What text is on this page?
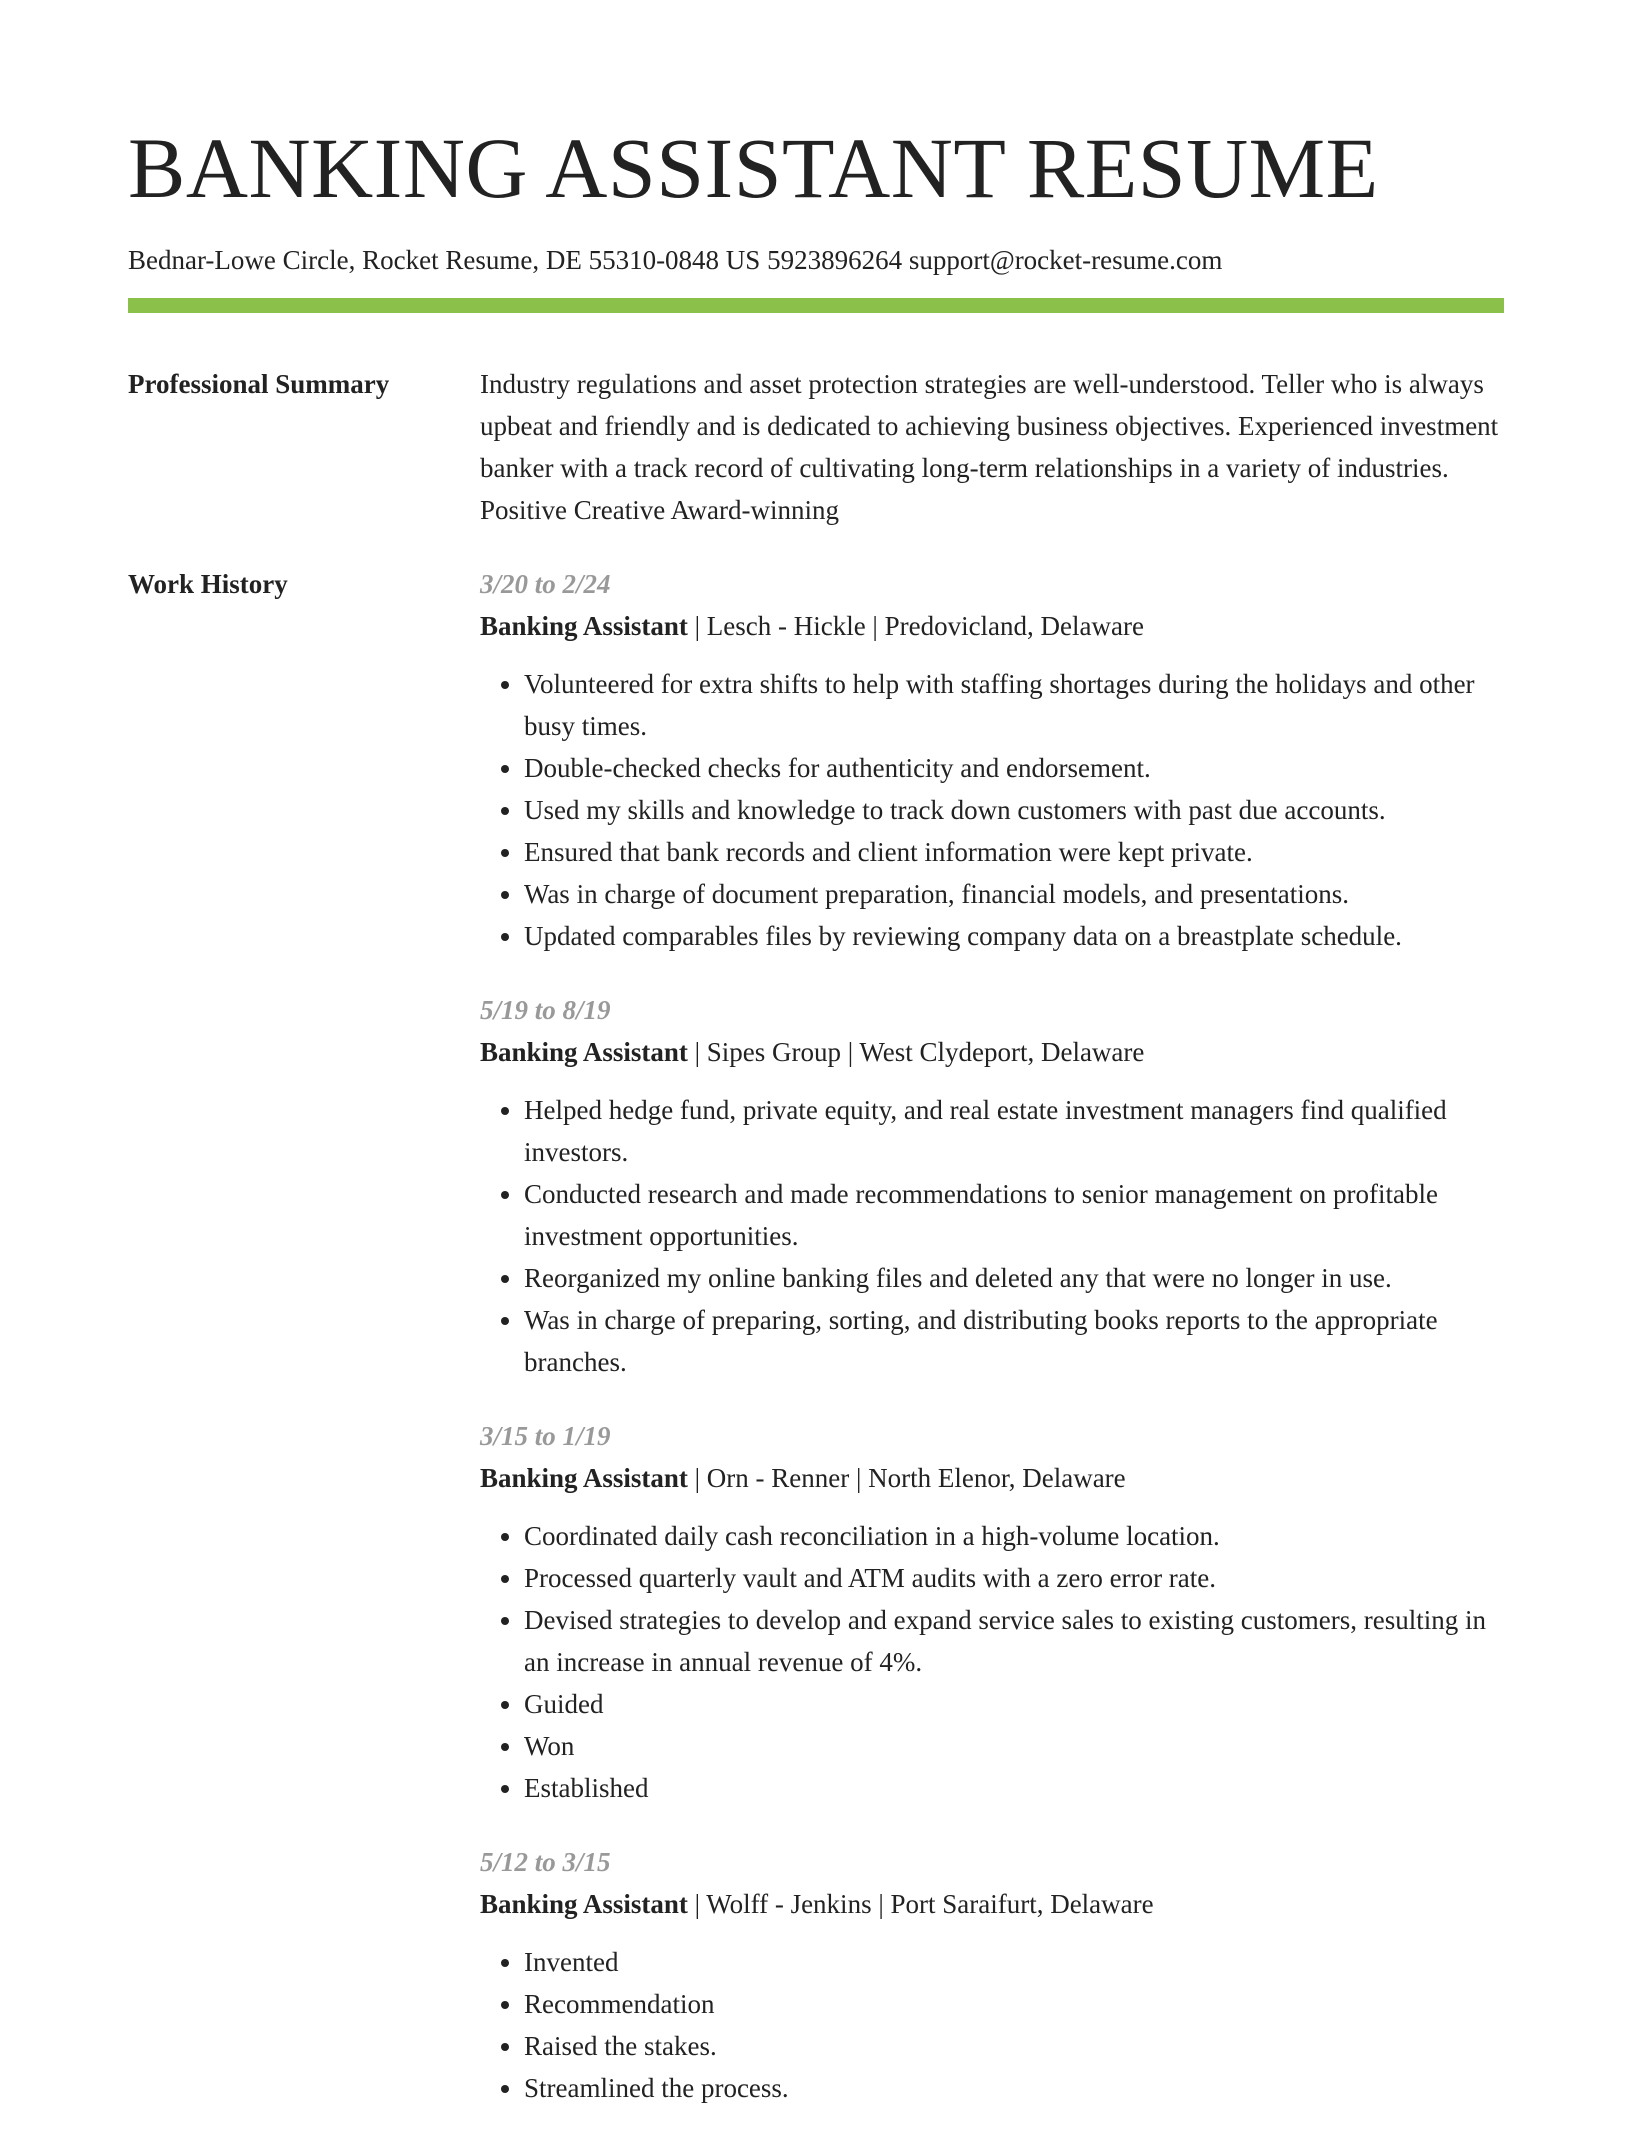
BANKING ASSISTANT RESUME
Bednar-Lowe Circle, Rocket Resume, DE 55310-0848 US 5923896264 support@rocket-resume.com
Professional Summary	Industry regulations and asset protection strategies are well-understood. Teller who is always upbeat and friendly and is dedicated to achieving business objectives. Experienced investment banker with a track record of cultivating long-term relationships in a variety of industries. Positive Creative Award-winning
Work History	3/20 to 2/24
Banking Assistant | Lesch - Hickle | Predovicland, Delaware
• Volunteered for extra shifts to help with staffing shortages during the holidays and other busy times.
• Double-checked checks for authenticity and endorsement.
• Used my skills and knowledge to track down customers with past due accounts.
• Ensured that bank records and client information were kept private.
• Was in charge of document preparation, financial models, and presentations.
• Updated comparables files by reviewing company data on a breastplate schedule.
5/19 to 8/19
Banking Assistant | Sipes Group | West Clydeport, Delaware
• Helped hedge fund, private equity, and real estate investment managers find qualified investors.
• Conducted research and made recommendations to senior management on profitable investment opportunities.
• Reorganized my online banking files and deleted any that were no longer in use.
• Was in charge of preparing, sorting, and distributing books reports to the appropriate branches.
3/15 to 1/19
Banking Assistant | Orn - Renner | North Elenor, Delaware
• Coordinated daily cash reconciliation in a high-volume location.
• Processed quarterly vault and ATM audits with a zero error rate.
• Devised strategies to develop and expand service sales to existing customers, resulting in an increase in annual revenue of 4%.
• Guided
• Won
• Established
5/12 to 3/15
Banking Assistant | Wolff - Jenkins | Port Saraifurt, Delaware
• Invented
• Recommendation
• Raised the stakes.
• Streamlined the process.
